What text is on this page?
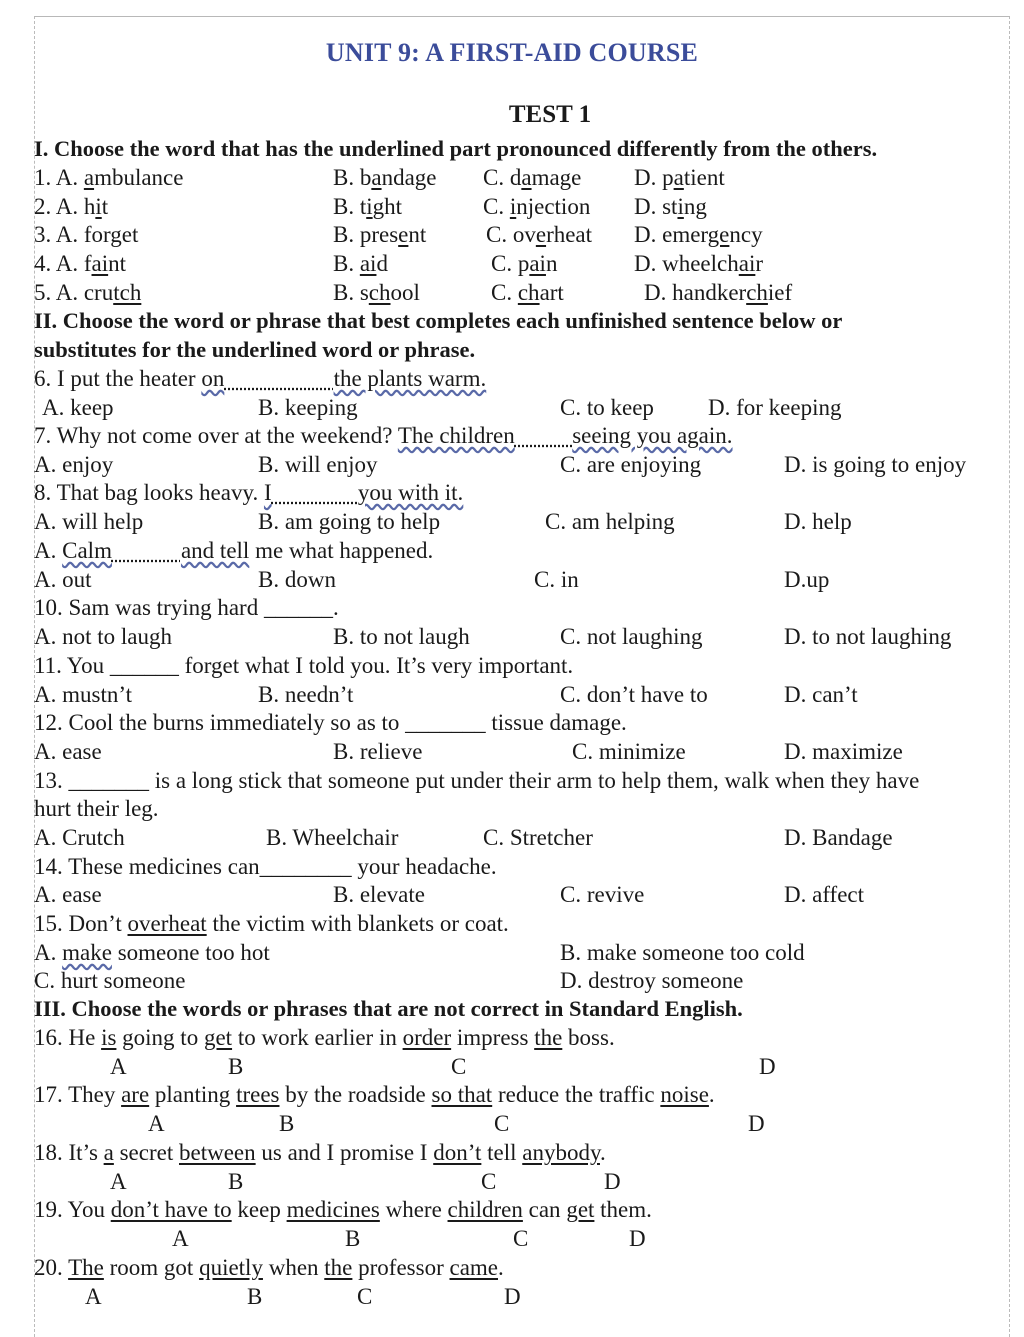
UNIT 9: A FIRST-AID COURSE
TEST 1
I. Choose the word that has the underlined part pronounced differently from the others.
1. A. ambulance	B. bandage C. damage D. patient
2. A. hit	B. tight	C. injection D. sting
3. A. forget	B. present	C. overheat D. emergency
4. A. faint	B. aid	C. pain	D. wheelchair
5. A. crutch	B. school	C. chart	D. handkerchief
II. Choose the word or phrase that best completes each unfinished sentence below or
substitutes for the underlined word or phrase.
6. I put the heater on	the plants warm.
A. keep	B. keeping	C. to keep D. for keeping
7. Why not come over at the weekend? The children	seeing you again.
A. enjoy	B. will enjoy	C. are enjoying	D. is going to enjoy
8. That bag looks heavy. I	you with it.
A. will help	B. am going to help	C. am helping	D. help
A. Calm	and tell me what happened.
A. out	B. down	C. in	D.up
10. Sam was trying hard ______.
A. not to laugh	B. to not laugh	C. not laughing	D. to not laughing
11. You ______ forget what I told you. It’s very important.
A. mustn’t	B. needn’t	C. don’t have to	D. can’t
12. Cool the burns immediately so as to _______ tissue damage.
A. ease	B. relieve	C. minimize	D. maximize
13. _______ is a long stick that someone put under their arm to help them, walk when they have
hurt their leg.
A. Crutch	B. Wheelchair	C. Stretcher	D. Bandage
14. These medicines can________ your headache.
A. ease	B. elevate	C. revive	D. affect
15. Don’t overheat the victim with blankets or coat.
A. make someone too hot	B. make someone too cold
C. hurt someone	D. destroy someone
III. Choose the words or phrases that are not correct in Standard English.
16. He is going to get to work earlier in order impress the boss.
A	B	C	D
17. They are planting trees by the roadside so that reduce the traffic noise.
A	B	C	D
18. It’s a secret between us and I promise I don’t tell anybody.
A	B	C	D
19. You don’t have to keep medicines where children can get them.
A	B	C	D
20. The room got quietly when the professor came.
A	B	C	D
